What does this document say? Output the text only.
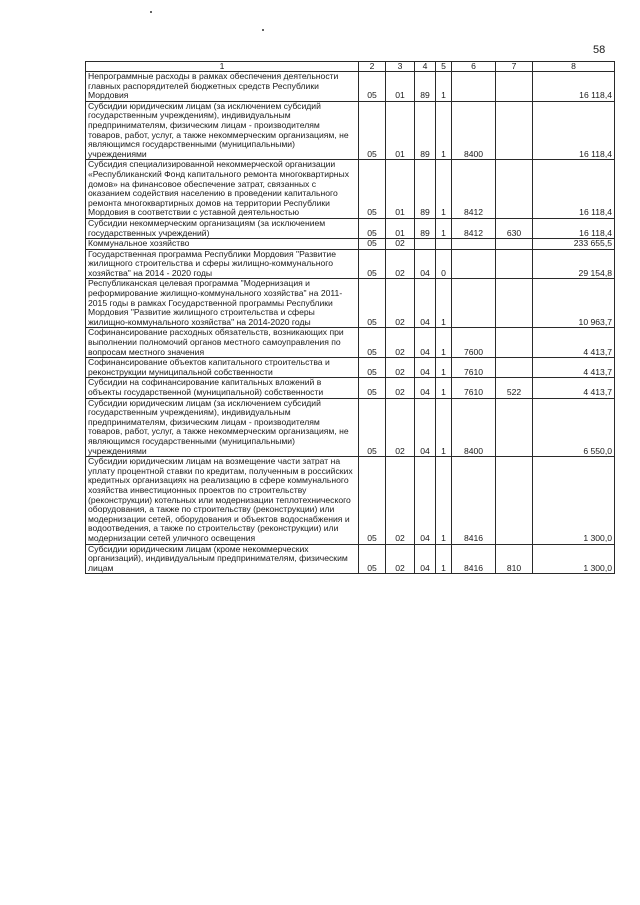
58
1	2	3	4	5	6	7	8
Непрограммные расходы в рамках обеспечения деятельности главных распорядителей бюджетных средств Республики Мордовия	05	01	89	1			16 118,4
Субсидии юридическим лицам (за исключением субсидий государственным учреждениям), индивидуальным предпринимателям, физическим лицам - производителям товаров, работ, услуг, а также некоммерческим организациям, не являющимся государственными (муниципальными) учреждениями	05	01	89	1	8400		16 118,4
Субсидия специализированной некоммерческой организации «Республиканский Фонд капитального ремонта многоквартирных домов» на финансовое обеспечение затрат, связанных с оказанием содействия населению в проведении капитального ремонта многоквартирных домов на территории Республики Мордовия в соответствии с уставной деятельностью	05	01	89	1	8412		16 118,4
Субсидии некоммерческим организациям (за исключением государственных учреждений)	05	01	89	1	8412	630	16 118,4
Коммунальное хозяйство	05	02					233 655,5
Государственная программа Республики Мордовия "Развитие жилищного строительства и сферы жилищно-коммунального хозяйства" на 2014 - 2020 годы	05	02	04	0			29 154,8
Республиканская целевая программа "Модернизация и реформирование жилищно-коммунального хозяйства" на 2011-2015 годы в рамках Государственной программы Республики Мордовия "Развитие жилищного строительства и сферы жилищно-коммунального хозяйства" на 2014-2020 годы	05	02	04	1			10 963,7
Софинансирование расходных обязательств, возникающих при выполнении полномочий органов местного самоуправления по вопросам местного значения	05	02	04	1	7600		4 413,7
Софинансирование объектов капитального строительства и реконструкции муниципальной собственности	05	02	04	1	7610		4 413,7
Субсидии на софинансирование капитальных вложений в объекты государственной (муниципальной) собственности	05	02	04	1	7610	522	4 413,7
Субсидии юридическим лицам (за исключением субсидий государственным учреждениям), индивидуальным предпринимателям, физическим лицам - производителям товаров, работ, услуг, а также некоммерческим организациям, не являющимся государственными (муниципальными) учреждениями	05	02	04	1	8400		6 550,0
Субсидии юридическим лицам на возмещение части затрат на уплату процентной ставки по кредитам, полученным в российских кредитных организациях на реализацию в сфере коммунального хозяйства инвестиционных проектов по строительству (реконструкции) котельных или модернизации теплотехнического оборудования, а также по строительству (реконструкции) или модернизации сетей, оборудования и объектов водоснабжения и водоотведения, а также по строительству (реконструкции) или модернизации сетей уличного освещения	05	02	04	1	8416		1 300,0
Субсидии юридическим лицам (кроме некоммерческих организаций), индивидуальным предпринимателям, физическим лицам	05	02	04	1	8416	810	1 300,0
